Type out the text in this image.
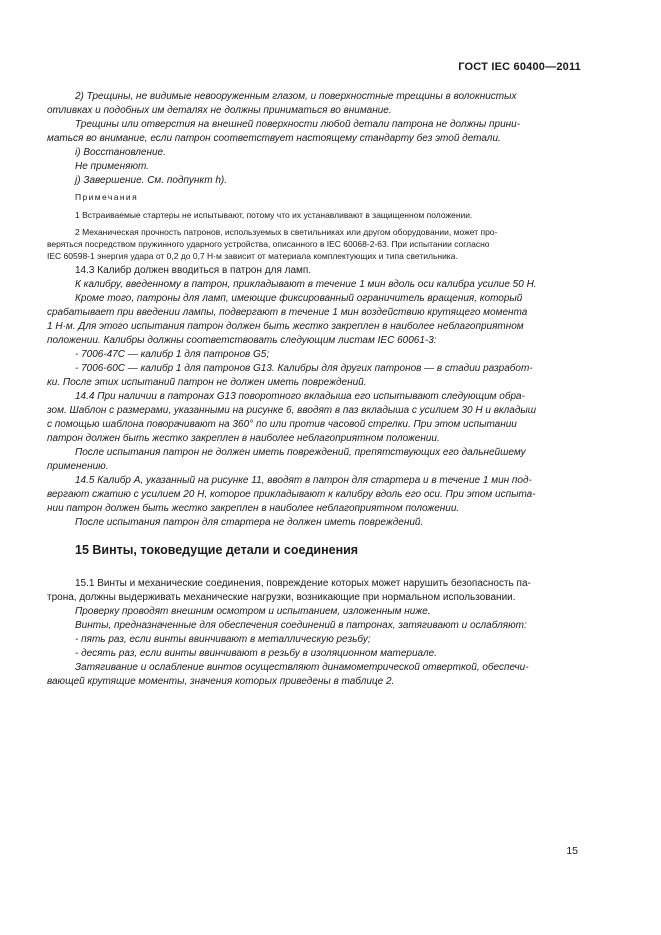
ГОСТ IEC 60400—2011
2) Трещины, не видимые невооруженным глазом, и поверхностные трещины в волокнистых
отливках и подобных им деталях не должны приниматься во внимание.
Трещины или отверстия на внешней поверхности любой детали патрона не должны прини-
маться во внимание, если патрон соответствует настоящему стандарту без этой детали.
i) Восстановление.
Не применяют.
j) Завершение. См. подпункт h).
Примечания
1 Встраиваемые стартеры не испытывают, потому что их устанавливают в защищенном положении.
2 Механическая прочность патронов, используемых в светильниках или другом оборудовании, может про-
веряться посредством пружинного ударного устройства, описанного в IEC 60068-2-63. При испытании согласно
IEC 60598-1 энергия удара от 0,2 до 0,7 Н·м зависит от материала комплектующих и типа светильника.
14.3 Калибр должен вводиться в патрон для ламп.
К калибру, введенному в патрон, прикладывают в течение 1 мин вдоль оси калибра усилие 50 Н.
Кроме того, патроны для ламп, имеющие фиксированный ограничитель вращения, который
срабатывает при введении лампы, подвергают в течение 1 мин воздействию крутящего момента
1 Н·м. Для этого испытания патрон должен быть жестко закреплен в наиболее неблагоприятном
положении. Калибры должны соответствовать следующим листам IEC 60061-3:
- 7006-47С — калибр 1 для патронов G5;
- 7006-60С — калибр 1 для патронов G13. Калибры для других патронов — в стадии разработ-
ки. После этих испытаний патрон не должен иметь повреждений.
14.4 При наличии в патронах G13 поворотного вкладыша его испытывают следующим обра-
зом. Шаблон с размерами, указанными на рисунке 6, вводят в паз вкладыша с усилием 30 Н и вкладыш
с помощью шаблона поворачивают на 360° по или против часовой стрелки. При этом испытании
патрон должен быть жестко закреплен в наиболее неблагоприятном положении.
После испытания патрон не должен иметь повреждений, препятствующих его дальнейшему
применению.
14.5 Калибр А, указанный на рисунке 11, вводят в патрон для стартера и в течение 1 мин под-
вергают сжатию с усилием 20 Н, которое прикладывают к калибру вдоль его оси. При этом испыта-
нии патрон должен быть жестко закреплен в наиболее неблагоприятном положении.
После испытания патрон для стартера не должен иметь повреждений.
15 Винты, токоведущие детали и соединения
15.1 Винты и механические соединения, повреждение которых может нарушить безопасность па-
трона, должны выдерживать механические нагрузки, возникающие при нормальном использовании.
Проверку проводят внешним осмотром и испытанием, изложенным ниже.
Винты, предназначенные для обеспечения соединений в патронах, затягивают и ослабляют:
- пять раз, если винты ввинчивают в металлическую резьбу;
- десять раз, если винты ввинчивают в резьбу в изоляционном материале.
Затягивание и ослабление винтов осуществляют динамометрической отверткой, обеспечи-
вающей крутящие моменты, значения которых приведены в таблице 2.
15
